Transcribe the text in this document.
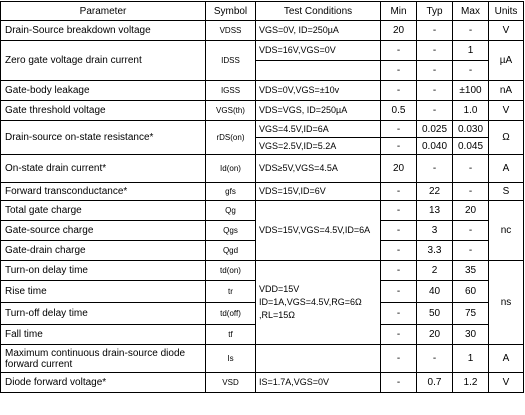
Parameter	Symbol	Test Conditions	Min	Typ	Max	Units
Drain-Source breakdown voltage	VDSS	VGS=0V, ID=250µA	20	-	-	V
Zero gate voltage drain current	IDSS	VDS=16V,VGS=0V	-	-	1	µA
			-	-	-	
Gate-body leakage	IGSS	VDS=0V,VGS=±10v	-	-	±100	nA
Gate threshold voltage	VGS(th)	VDS=VGS, ID=250µA	0.5	-	1.0	V
Drain-source on-state resistance*	rDS(on)	VGS=4.5V,ID=6A	-	0.025	0.030	Ω
		VGS=2.5V,ID=5.2A	-	0.040	0.045	
On-state drain current*	Id(on)	VDS≥5V,VGS=4.5A	20	-	-	A
Forward transconductance*	gfs	VDS=15V,ID=6V	-	22	-	S
Total gate charge	Qg	VDS=15V,VGS=4.5V,ID=6A	-	13	20	nc
Gate-source charge	Qgs		-	3	-	
Gate-drain charge	Qgd		-	3.3	-	
Turn-on delay time	td(on)	VDD=15V ID=1A,VGS=4.5V,RG=6Ω ,RL=15Ω	-	2	35	ns
Rise time	tr		-	40	60	
Turn-off delay time	td(off)		-	50	75	
Fall time	tf		-	20	30	
Maximum continuous drain-source diode forward current	Is		-	-	1	A
Diode forward voltage*	VSD	IS=1.7A,VGS=0V	-	0.7	1.2	V
